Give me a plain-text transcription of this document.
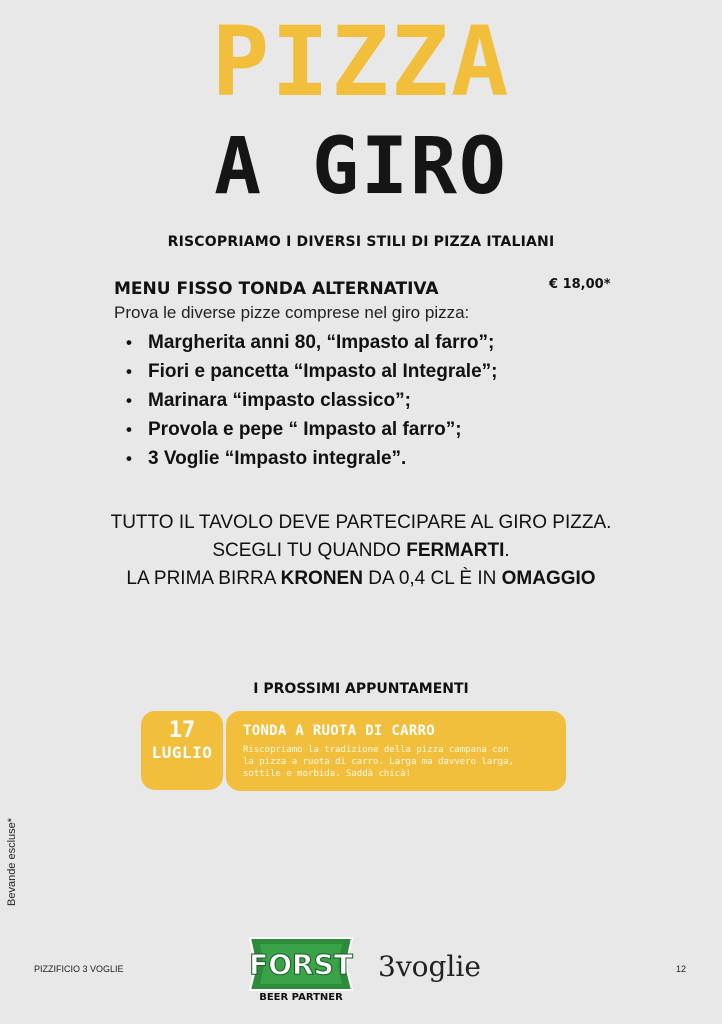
PIZZA
A GIRO
RISCOPRIAMO I DIVERSI STILI DI PIZZA ITALIANI
MENU FISSO TONDA ALTERNATIVA	€ 18,00*
Prova le diverse pizze comprese nel giro pizza:
• Margherita anni 80, “Impasto al farro”;
• Fiori e pancetta “Impasto al Integrale”;
• Marinara “impasto classico”;
• Provola e pepe “ Impasto al farro”;
• 3 Voglie “Impasto integrale”.
TUTTO IL TAVOLO DEVE PARTECIPARE AL GIRO PIZZA.
SCEGLI TU QUANDO FERMARTI.
LA PRIMA BIRRA KRONEN DA 0,4 CL È IN OMAGGIO
I PROSSIMI APPUNTAMENTI
17
LUGLIO
TONDA A RUOTA DI CARRO
Riscopriamo la tradizione della pizza campana con
la pizza a ruota di carro. Larga ma davvero larga,
sottile e morbida. Saddà chicà!
Bevande escluse*
PIZZIFICIO 3 VOGLIE	12
FORST
BEER PARTNER
3voglie
